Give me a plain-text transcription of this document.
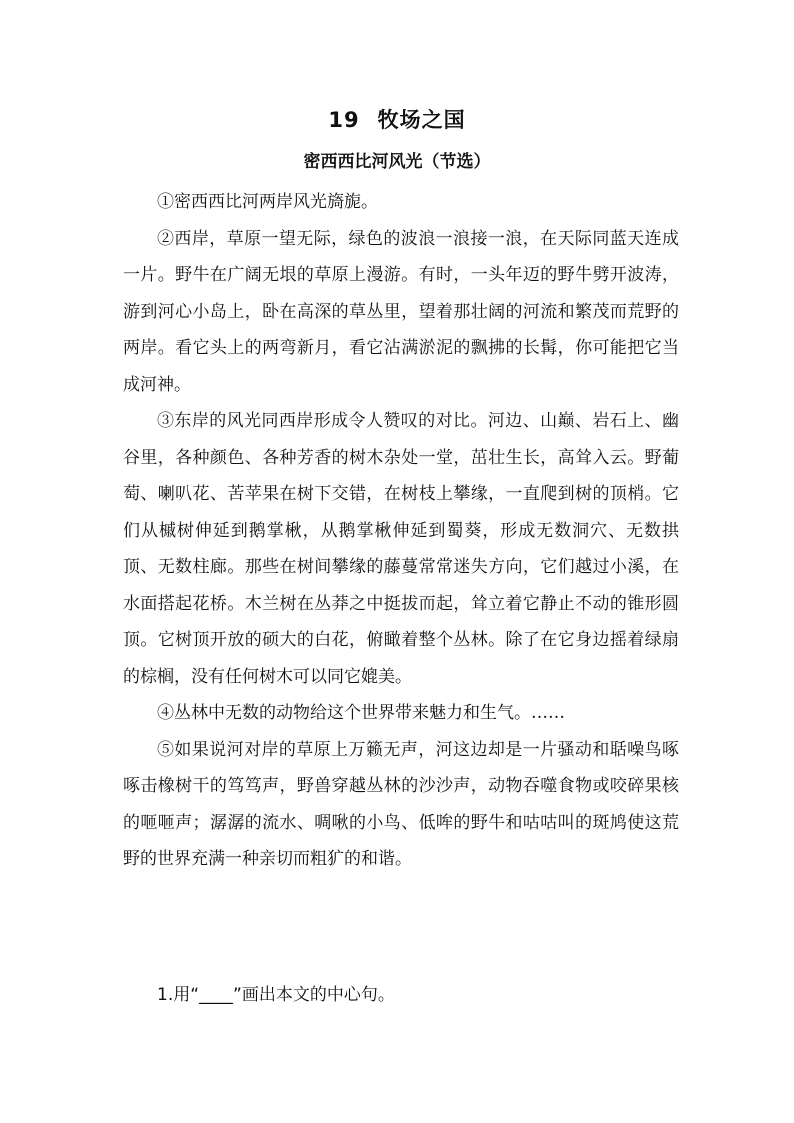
19 牧场之国
密西西比河风光（节选）

①密西西比河两岸风光旖旎。

②西岸，草原一望无际，绿色的波浪一浪接一浪，在天际同蓝天连成一片。野牛在广阔无垠的草原上漫游。有时，一头年迈的野牛劈开波涛，游到河心小岛上，卧在高深的草丛里，望着那壮阔的河流和繁茂而荒野的两岸。看它头上的两弯新月，看它沾满淤泥的飘拂的长髯，你可能把它当成河神。

③东岸的风光同西岸形成令人赞叹的对比。河边、山巅、岩石上、幽谷里，各种颜色、各种芳香的树木杂处一堂，茁壮生长，高耸入云。野葡萄、喇叭花、苦苹果在树下交错，在树枝上攀缘，一直爬到树的顶梢。它们从槭树伸延到鹅掌楸，从鹅掌楸伸延到蜀葵，形成无数洞穴、无数拱顶、无数柱廊。那些在树间攀缘的藤蔓常常迷失方向，它们越过小溪，在水面搭起花桥。木兰树在丛莽之中挺拔而起，耸立着它静止不动的锥形圆顶。它树顶开放的硕大的白花，俯瞰着整个丛林。除了在它身边摇着绿扇的棕榈，没有任何树木可以同它媲美。

④丛林中无数的动物给这个世界带来魅力和生气。……

⑤如果说河对岸的草原上万籁无声，河这边却是一片骚动和聒噪鸟啄啄击橡树干的笃笃声，野兽穿越丛林的沙沙声，动物吞噬食物或咬碎果核的咂咂声；潺潺的流水、啁啾的小鸟、低哞的野牛和咕咕叫的斑鸠使这荒野的世界充满一种亲切而粗犷的和谐。

1.用“____”画出本文的中心句。
